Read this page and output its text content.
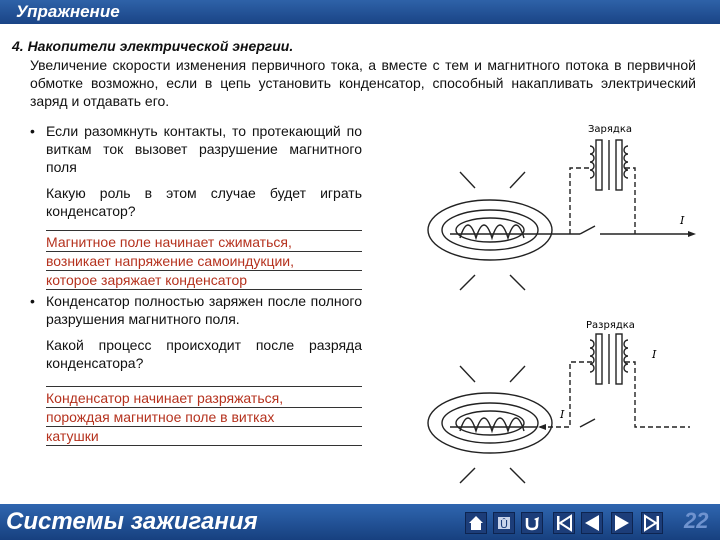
Упражнение
4. Накопители электрической энергии.
Увеличение скорости изменения первичного тока, а вместе с тем и магнитного потока в первичной обмотке возможно, если в цепь установить конденсатор, способный накапливать электрический заряд и отдавать его.
• Если разомкнуть контакты, то протекающий по виткам ток вызовет разрушение магнитного поля
Какую роль в этом случае будет играть конденсатор?
Магнитное поле начинает сжиматься,
возникает напряжение самоиндукции,
которое заряжает конденсатор
• Конденсатор полностью заряжен после полного разрушения магнитного поля.
Какой процесс происходит после разряда конденсатора?
Конденсатор начинает разряжаться,
порождая магнитное поле в витках
катушки
Зарядка
I
Разрядка
I
I
Системы зажигания	Û	22
